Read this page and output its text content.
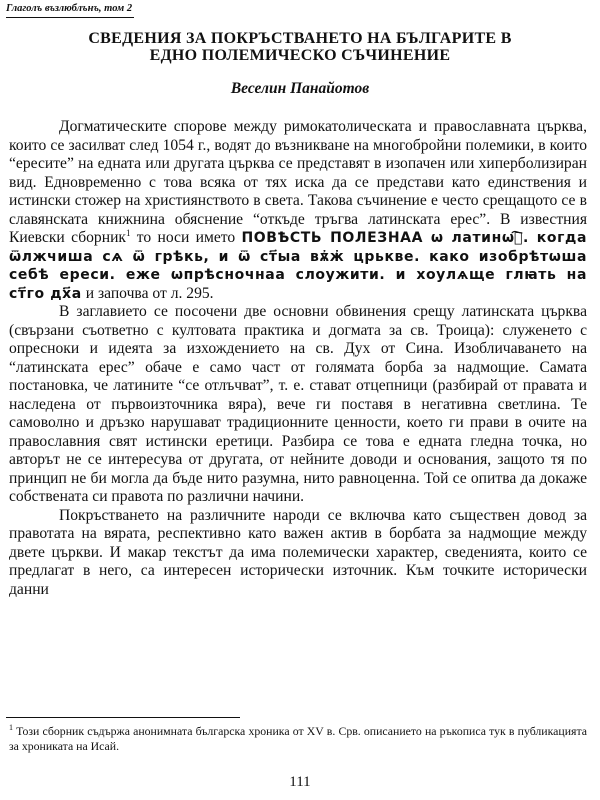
Глаголъ възлюблънъ, том 2
СВЕДЕНИЯ ЗА ПОКРЪСТВАНЕТО НА БЪЛГАРИТЕ В
ЕДНО ПОЛЕМИЧЕСКО СЪЧИНЕНИЕ
Веселин Панайотов

Догматическите спорове между римокатолическата и православната църква, които се засилват след 1054 г., водят до възникване на многобройни полемики, в които “ересите” на едната или другата църква се представят в изопачен или хиперболизиран вид. Едновременно с това всяка от тях иска да се представи като единствения и истински стожер на християнството в света. Такова съчинение е често срещащото се в славянската книжнина обяснение “откъде тръгва латинската ерес”. В известния Киевски сборник$^1$ то носи името ПОВѢСТЬ ПОЛЕЗНАА ѡ латинѡⷯ҇. когда ѿлжчиша сѧ ѿ грѣкь, и ѿ ст҃ыа вѫ҆ж҆ црькве. како изобрѣтѡша себѣ ереси. еже ѡпрѣсночнаа слоужити. и хоулѧще глꙗть на ст҃го дх҃а и започва от л. 295.

В заглавието се посочени две основни обвинения срещу латинската църква (свързани съответно с култовата практика и догмата за св. Троица): служенето с опресноки и идеята за изхождението на св. Дух от Сина. Изобличаването на “латинската ерес” обаче е само част от голямата борба за надмощие. Самата постановка, че латините “се отлъчват”, т. е. стават отцепници (разбирай от правата и наследена от първоизточника вяра), вече ги поставя в негативна светлина. Те самоволно и дръзко нарушават традиционните ценности, което ги прави в очите на православния свят истински еретици. Разбира се това е едната гледна точка, но авторът не се интересува от другата, от нейните доводи и основания, защото тя по принцип не би могла да бъде нито разумна, нито равноценна. Той се опитва да докаже собствената си правота по различни начини.

Покръстването на различните народи се включва като съществен довод за правотата на вярата, респективно като важен актив в борбата за надмощие между двете църкви. И макар текстът да има полемически характер, сведенията, които се предлагат в него, са интересен исторически източник. Към точките исторически данни

$^1$ Този сборник съдържа анонимната българска хроника от XV в. Срв. описанието на ръкописа тук в публикацията за хрониката на Исай.
111
